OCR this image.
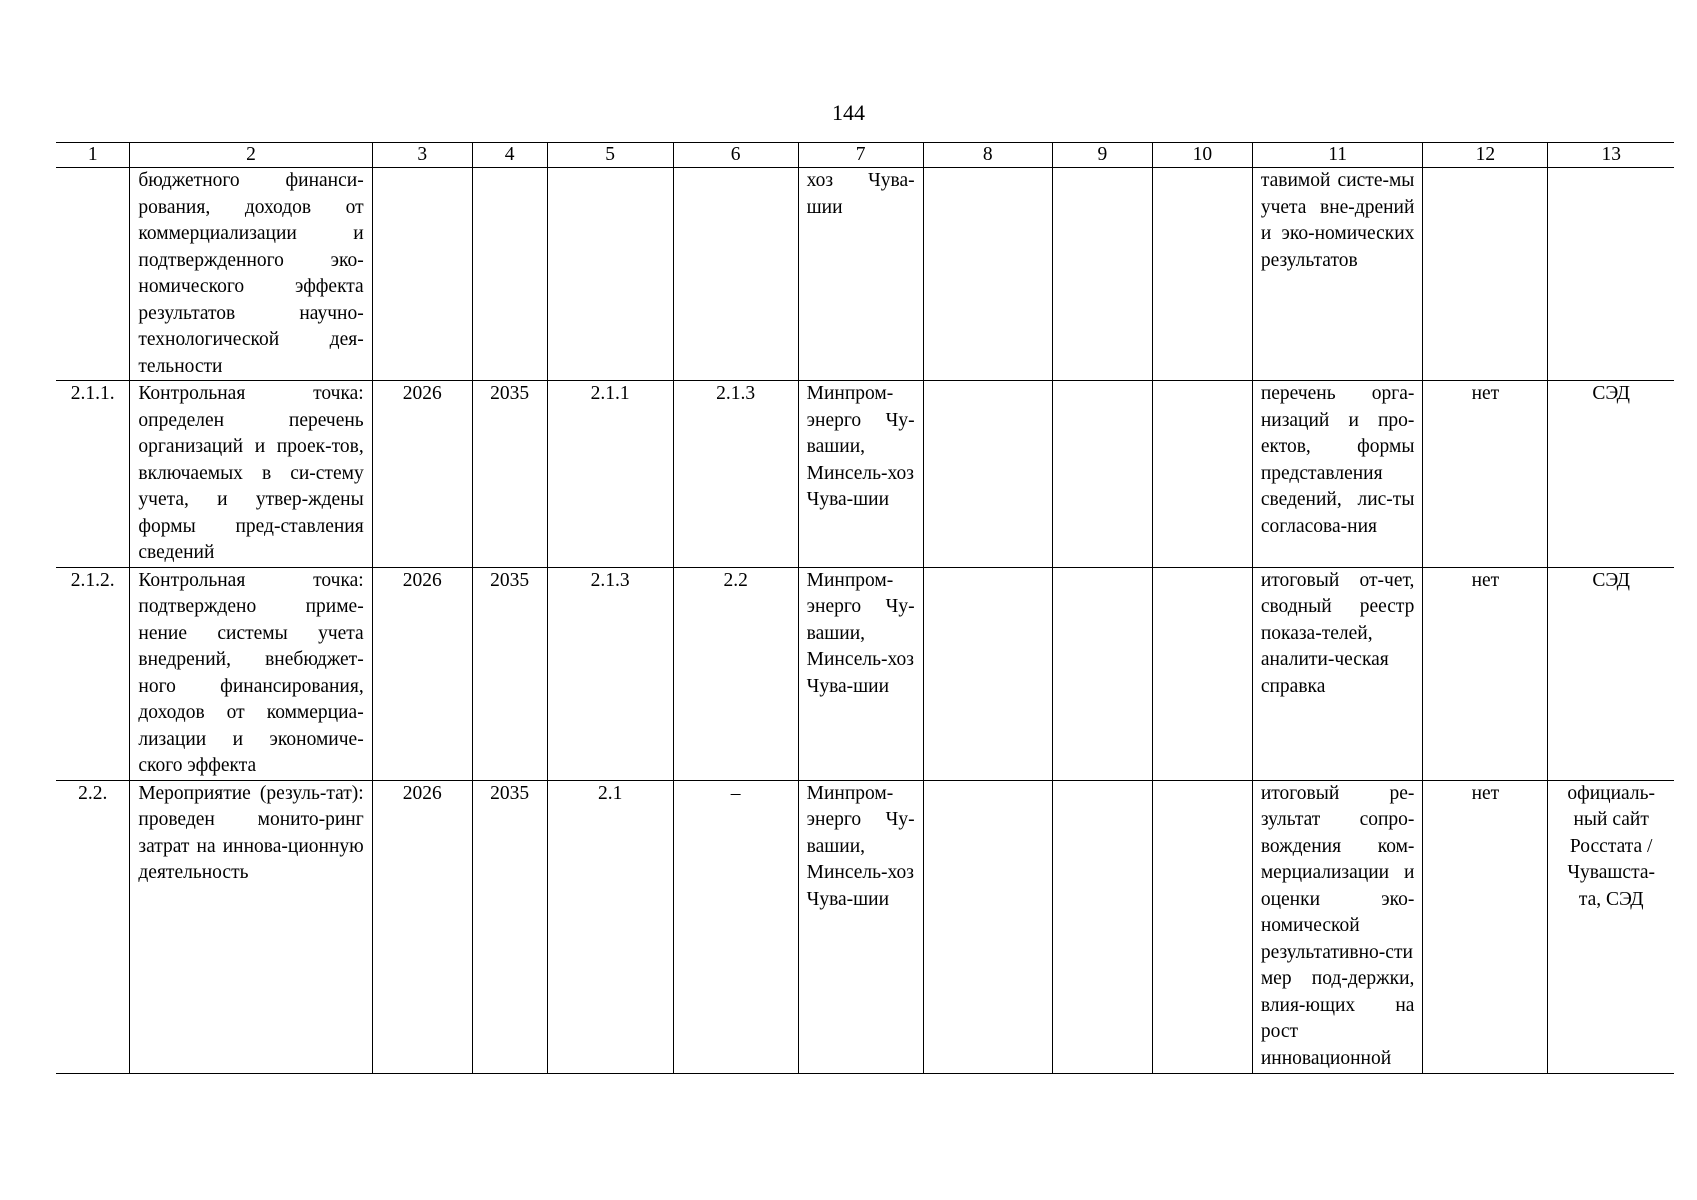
144
1	2	3	4	5	6	7	8	9	10	11	12	13
	бюджетного финанси-рования, доходов от коммерциализации и подтвержденного эко-номического эффекта результатов научно-технологической дея-тельности					хоз Чува-шии				тавимой систе-мы учета вне-дрений и эко-номических результатов		
2.1.1.	Контрольная точка: определен перечень организаций и проек-тов, включаемых в си-стему учета, и утвер-ждены формы пред-ставления сведений	2026	2035	2.1.1	2.1.3	Минпром-энерго Чу-вашии, Минсель-хоз Чува-шии				перечень орга-низаций и про-ектов, формы представления сведений, лис-ты согласова-ния	нет	СЭД
2.1.2.	Контрольная точка: подтверждено приме-нение системы учета внедрений, внебюджет-ного финансирования, доходов от коммерциа-лизации и экономиче-ского эффекта	2026	2035	2.1.3	2.2	Минпром-энерго Чу-вашии, Минсель-хоз Чува-шии				итоговый от-чет, сводный реестр показа-телей, аналити-ческая справка	нет	СЭД
2.2.	Мероприятие (резуль-тат): проведен монито-ринг затрат на иннова-ционную деятельность	2026	2035	2.1	–	Минпром-энерго Чу-вашии, Минсель-хоз Чува-шии				итоговый ре-зультат сопро-вождения ком-мерциализации и оценки эко-номической результативно-сти мер под-держки, влия-ющих на рост инновационной	нет	официаль-ный сайт Росстата / Чувашста-та, СЭД
